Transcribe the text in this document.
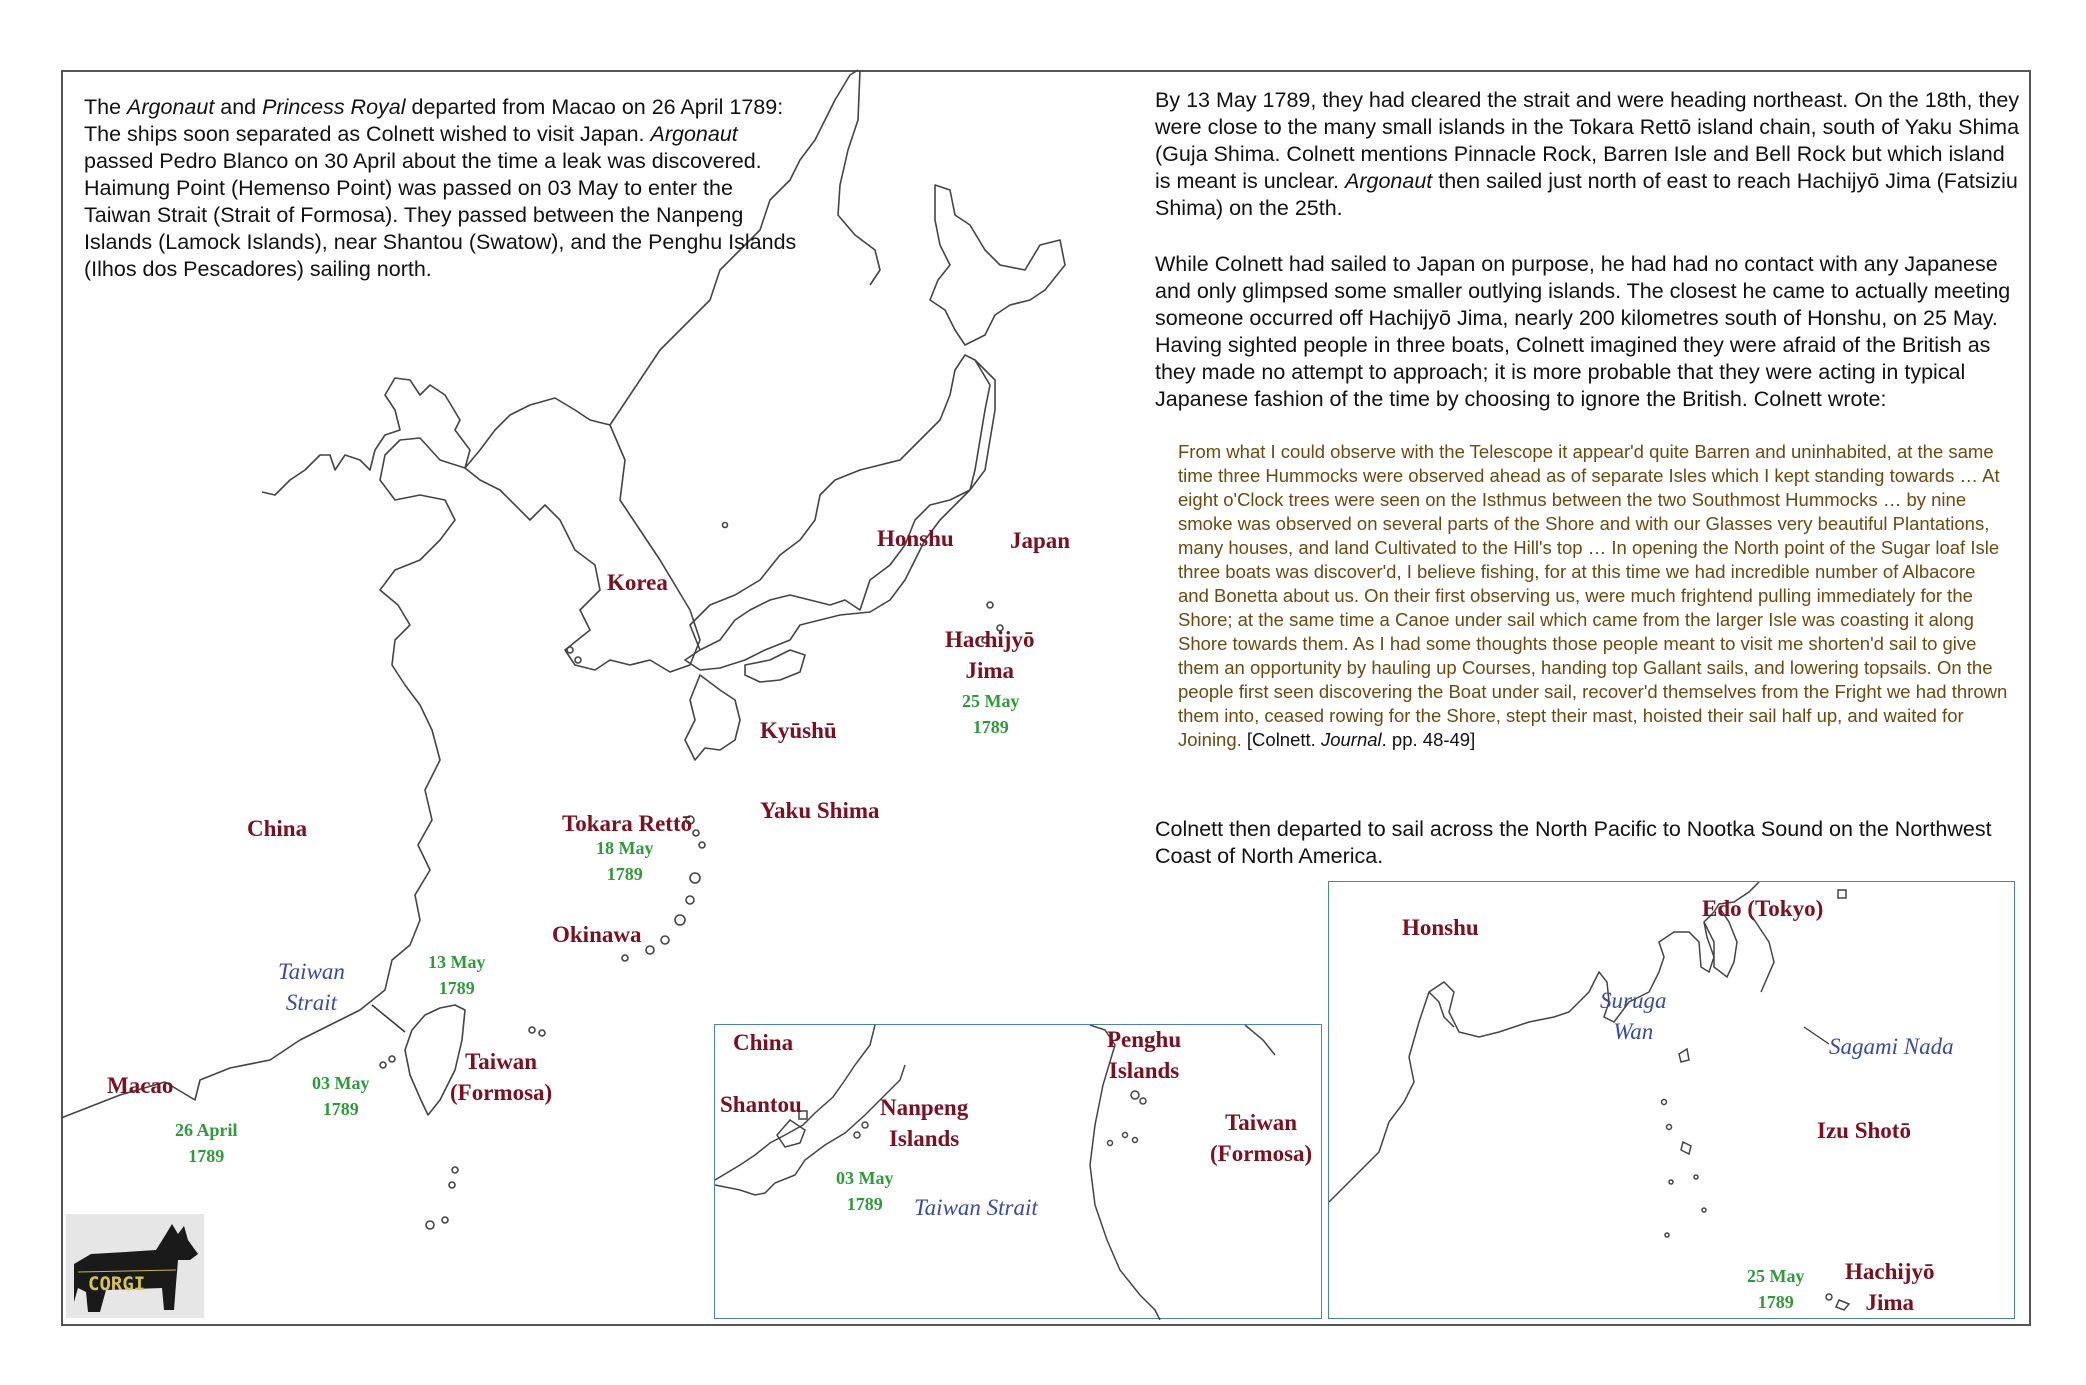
The Argonaut and Princess Royal departed from Macao on 26 April 1789: The ships soon separated as Colnett wished to visit Japan. Argonaut passed Pedro Blanco on 30 April about the time a leak was discovered. Haimung Point (Hemenso Point) was passed on 03 May to enter the Taiwan Strait (Strait of Formosa). They passed between the Nanpeng Islands (Lamock Islands), near Shantou (Swatow), and the Penghu Islands (Ilhos dos Pescadores) sailing north.
By 13 May 1789, they had cleared the strait and were heading northeast. On the 18th, they were close to the many small islands in the Tokara Rettō island chain, south of Yaku Shima (Guja Shima. Colnett mentions Pinnacle Rock, Barren Isle and Bell Rock but which island is meant is unclear. Argonaut then sailed just north of east to reach Hachijyō Jima (Fatsiziu Shima) on the 25th.
While Colnett had sailed to Japan on purpose, he had had no contact with any Japanese and only glimpsed some smaller outlying islands. The closest he came to actually meeting someone occurred off Hachijyō Jima, nearly 200 kilometres south of Honshu, on 25 May. Having sighted people in three boats, Colnett imagined they were afraid of the British as they made no attempt to approach; it is more probable that they were acting in typical Japanese fashion of the time by choosing to ignore the British. Colnett wrote:
From what I could observe with the Telescope it appear'd quite Barren and uninhabited, at the same time three Hummocks were observed ahead as of separate Isles which I kept standing towards … At eight o'Clock trees were seen on the Isthmus between the two Southmost Hummocks … by nine smoke was observed on several parts of the Shore and with our Glasses very beautiful Plantations, many houses, and land Cultivated to the Hill's top … In opening the North point of the Sugar loaf Isle three boats was discover'd, I believe fishing, for at this time we had incredible number of Albacore and Bonetta about us. On their first observing us, were much frightend pulling immediately for the Shore; at the same time a Canoe under sail which came from the larger Isle was coasting it along Shore towards them. As I had some thoughts those people meant to visit me shorten'd sail to give them an opportunity by hauling up Courses, handing top Gallant sails, and lowering topsails. On the people first seen discovering the Boat under sail, recover'd themselves from the Fright we had thrown them into, ceased rowing for the Shore, stept their mast, hoisted their sail half up, and waited for Joining. [Colnett. Journal. pp. 48-49]
Colnett then departed to sail across the North Pacific to Nootka Sound on the Northwest Coast of North America.
Korea
Honshu Japan
Hachijyō
Jima
25 May
1789
Kyūshū
Tokara Rettō
18 May
1789
Yaku Shima
China
Okinawa
Taiwan
Strait
13 May
1789
Macao	03 May
1789
Taiwan
(Formosa)
26 April
1789
China
Shantou	Nanpeng
Islands
03 May
1789	Taiwan Strait
Penghu
Islands
Taiwan
(Formosa)
Honshu
Edo (Tokyo)
Suruga
Wan
Sagami Nada
Izu Shotō
25 May
1789
Hachijyō
Jima
CORGI
